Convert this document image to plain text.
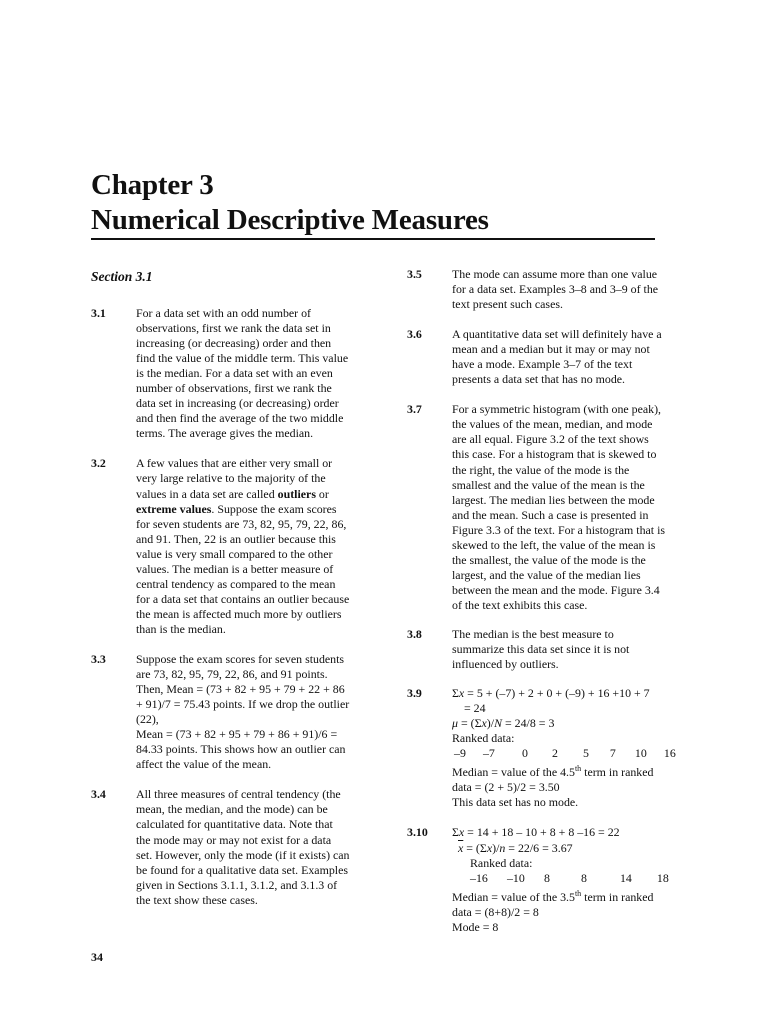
Chapter 3
Numerical Descriptive Measures
Section 3.1
3.1	For a data set with an odd number of
observations, first we rank the data set in
increasing (or decreasing) order and then
find the value of the middle term. This value
is the median. For a data set with an even
number of observations, first we rank the
data set in increasing (or decreasing) order
and then find the average of the two middle
terms. The average gives the median.

3.2	A few values that are either very small or
very large relative to the majority of the
values in a data set are called outliers or
extreme values. Suppose the exam scores
for seven students are 73, 82, 95, 79, 22, 86,
and 91. Then, 22 is an outlier because this
value is very small compared to the other
values. The median is a better measure of
central tendency as compared to the mean
for a data set that contains an outlier because
the mean is affected much more by outliers
than is the median.

3.3	Suppose the exam scores for seven students
are 73, 82, 95, 79, 22, 86, and 91 points.
Then, Mean = (73 + 82 + 95 + 79 + 22 + 86
+ 91)/7 = 75.43 points. If we drop the outlier
(22),
Mean = (73 + 82 + 95 + 79 + 86 + 91)/6 =
84.33 points. This shows how an outlier can
affect the value of the mean.

3.4	All three measures of central tendency (the
mean, the median, and the mode) can be
calculated for quantitative data. Note that
the mode may or may not exist for a data
set. However, only the mode (if it exists) can
be found for a qualitative data set. Examples
given in Sections 3.1.1, 3.1.2, and 3.1.3 of
the text show these cases.

3.5	The mode can assume more than one value
for a data set. Examples 3–8 and 3–9 of the
text present such cases.

3.6	A quantitative data set will definitely have a
mean and a median but it may or may not
have a mode. Example 3–7 of the text
presents a data set that has no mode.

3.7	For a symmetric histogram (with one peak),
the values of the mean, median, and mode
are all equal. Figure 3.2 of the text shows
this case. For a histogram that is skewed to
the right, the value of the mode is the
smallest and the value of the mean is the
largest. The median lies between the mode
and the mean. Such a case is presented in
Figure 3.3 of the text. For a histogram that is
skewed to the left, the value of the mean is
the smallest, the value of the mode is the
largest, and the value of the median lies
between the mean and the mode. Figure 3.4
of the text exhibits this case.

3.8	The median is the best measure to
summarize this data set since it is not
influenced by outliers.

3.9	Σx = 5 + (–7) + 2 + 0 + (–9) + 16 +10 + 7
= 24
μ = (Σx)/N = 24/8 = 3
Ranked data:
–9 –7 0 2 5 7 10 16
Median = value of the 4.5th term in ranked
data = (2 + 5)/2 = 3.50
This data set has no mode.

3.10 Σx = 14 + 18 – 10 + 8 + 8 –16 = 22
$\overline{x} = (\Sigma x)/n = 22/6 = 3.67$
Ranked data:
–16 –10 8	8	14 18
Median = value of the 3.5th term in ranked
data = (8+8)/2 = 8
Mode = 8

34
